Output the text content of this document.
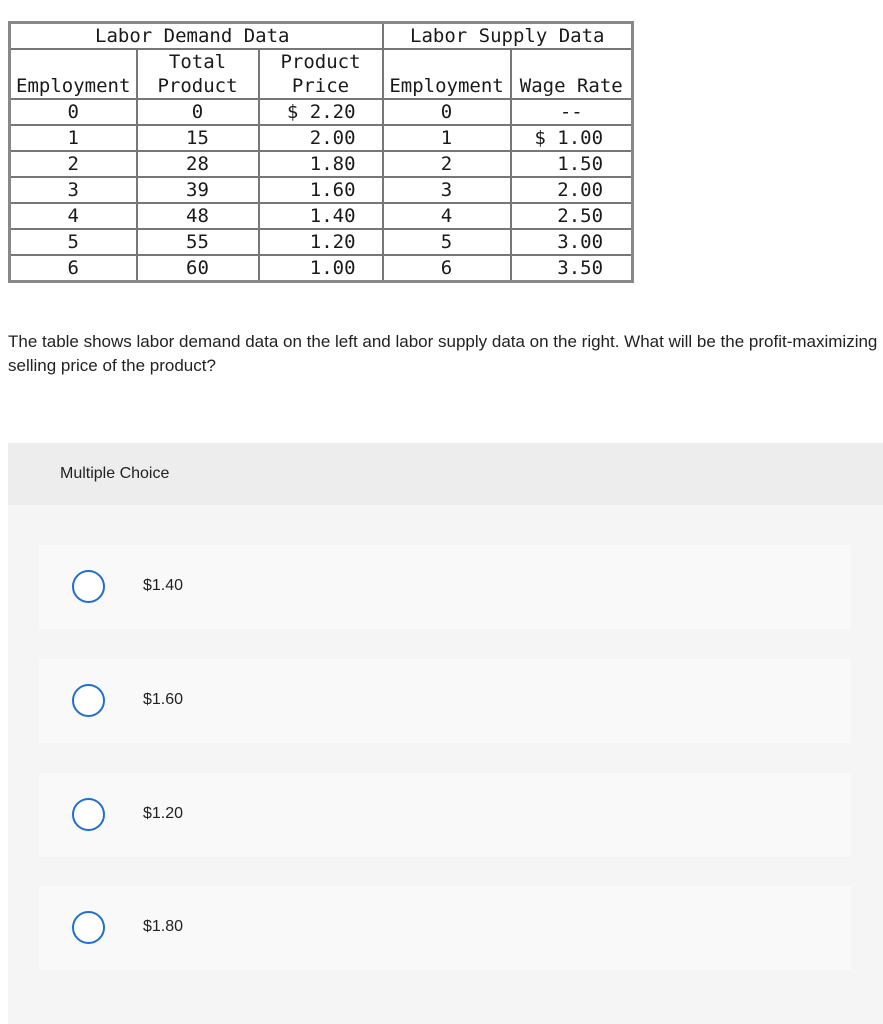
Labor Demand Data			Labor Supply Data	
	Total	Product		
Employment	Product	Price	Employment	Wage Rate
0	0	$ 2.20	0	--
1	15	2.00	1	$ 1.00
2	28	1.80	2	1.50
3	39	1.60	3	2.00
4	48	1.40	4	2.50
5	55	1.20	5	3.00
6	60	1.00	6	3.50
The table shows labor demand data on the left and labor supply data on the right. What will be the profit-maximizing selling price of the product?
Multiple Choice
$1.40
$1.60
$1.20
$1.80
